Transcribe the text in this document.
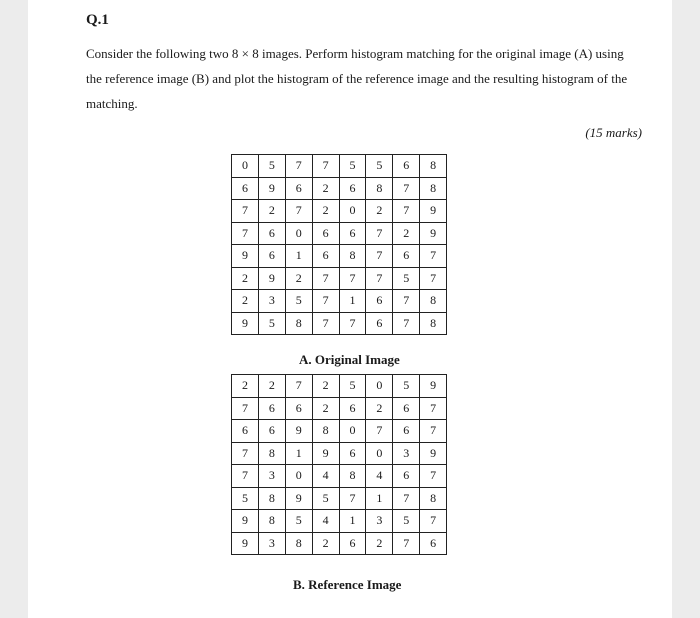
Q.1

Consider the following two 8 × 8 images. Perform histogram matching for the original image (A) using the reference image (B) and plot the histogram of the reference image and the resulting histogram of the matching.

(15 marks)
0	5	7	7	5	5	6	8
6	9	6	2	6	8	7	8
7	2	7	2	0	2	7	9
7	6	0	6	6	7	2	9
9	6	1	6	8	7	6	7
2	9	2	7	7	7	5	7
2	3	5	7	1	6	7	8
9	5	8	7	7	6	7	8
A. Original Image
2	2	7	2	5	0	5	9
7	6	6	2	6	2	6	7
6	6	9	8	0	7	6	7
7	8	1	9	6	0	3	9
7	3	0	4	8	4	6	7
5	8	9	5	7	1	7	8
9	8	5	4	1	3	5	7
9	3	8	2	6	2	7	6
B. Reference Image
